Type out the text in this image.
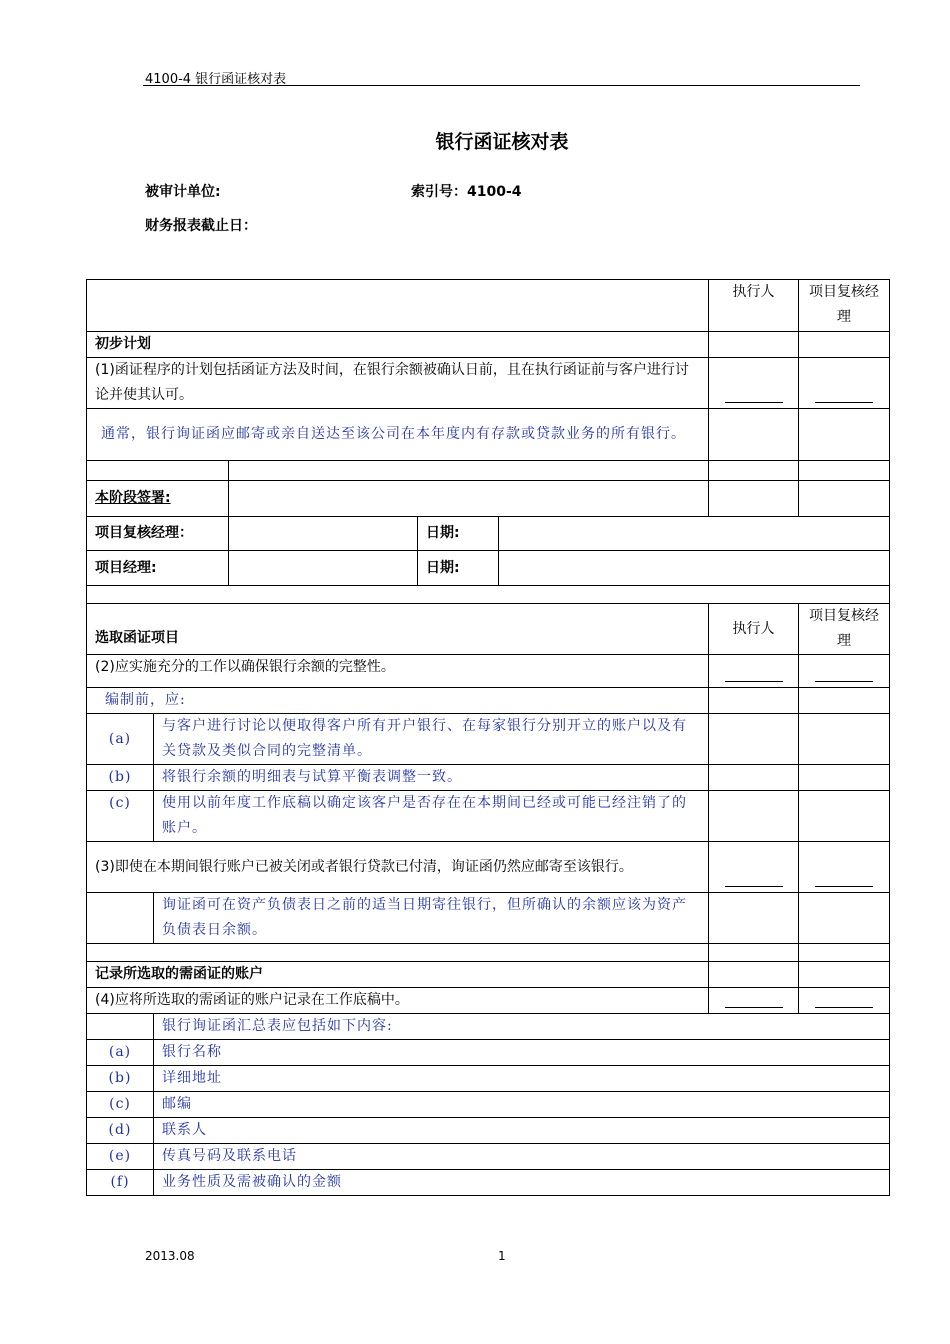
4100-4 银行函证核对表
银行函证核对表
被审计单位:	索引号：4100-4
财务报表截止日：
					执行人	项目复核经理
初步计划						
(1)函证程序的计划包括函证方法及时间，在银行余额被确认日前，且在执行函证前与客户进行讨论并使其认可。						
通常，银行询证函应邮寄或亲自送达至该公司在本年度内有存款或贷款业务的所有银行。						

本阶段签署:						
项目复核经理：			日期:			
项目经理:			日期:			

选取函证项目					执行人	项目复核经理
(2)应实施充分的工作以确保银行余额的完整性。						
编制前，应:						
(a)	与客户进行讨论以便取得客户所有开户银行、在每家银行分别开立的账户以及有关贷款及类似合同的完整清单。					
(b)	将银行余额的明细表与试算平衡表调整一致。					
(c)	使用以前年度工作底稿以确定该客户是否存在在本期间已经或可能已经注销了的账户。					
(3)即使在本期间银行账户已被关闭或者银行贷款已付清，询证函仍然应邮寄至该银行。						
	询证函可在资产负债表日之前的适当日期寄往银行，但所确认的余额应该为资产负债表日余额。					

记录所选取的需函证的账户						
(4)应将所选取的需函证的账户记录在工作底稿中。						
	银行询证函汇总表应包括如下内容:					
(a)	银行名称					
(b)	详细地址					
(c)	邮编					
(d)	联系人					
(e)	传真号码及联系电话					
(f)	业务性质及需被确认的金额					
2013.08	1
